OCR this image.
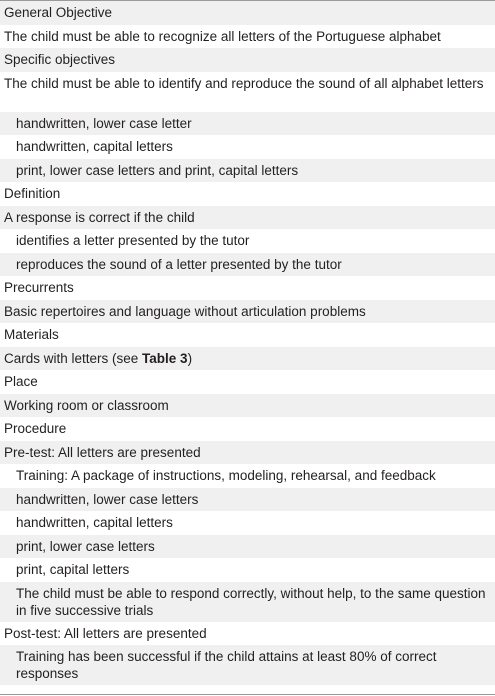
General Objective
The child must be able to recognize all letters of the Portuguese alphabet
Specific objectives
The child must be able to identify and reproduce the sound of all alphabet letters
handwritten, lower case letter
handwritten, capital letters
print, lower case letters and print, capital letters
Definition
A response is correct if the child
identifies a letter presented by the tutor
reproduces the sound of a letter presented by the tutor
Precurrents
Basic repertoires and language without articulation problems
Materials
Cards with letters (see Table 3)
Place
Working room or classroom
Procedure
Pre-test: All letters are presented
Training: A package of instructions, modeling, rehearsal, and feedback
handwritten, lower case letters
handwritten, capital letters
print, lower case letters
print, capital letters
The child must be able to respond correctly, without help, to the same question in five successive trials
Post-test: All letters are presented
Training has been successful if the child attains at least 80% of correct responses
